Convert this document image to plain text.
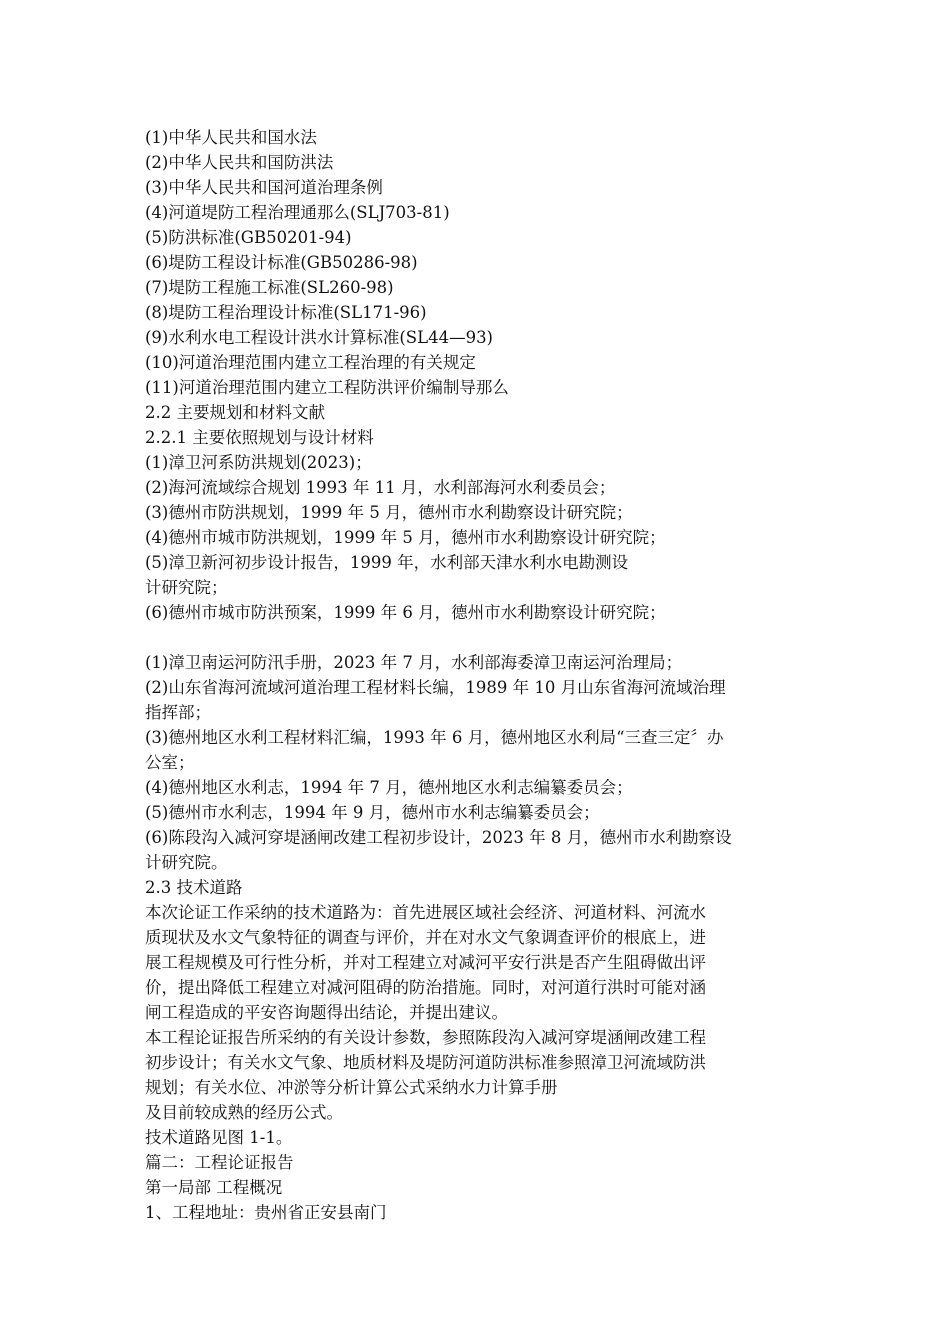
(1)中华人民共和国水法
(2)中华人民共和国防洪法
(3)中华人民共和国河道治理条例
(4)河道堤防工程治理通那么(SLJ703-81)
(5)防洪标准(GB50201-94)
(6)堤防工程设计标准(GB50286-98)
(7)堤防工程施工标准(SL260-98)
(8)堤防工程治理设计标准(SL171-96)
(9)水利水电工程设计洪水计算标准(SL44—93)
(10)河道治理范围内建立工程治理的有关规定
(11)河道治理范围内建立工程防洪评价编制导那么
2.2 主要规划和材料文献
2.2.1 主要依照规划与设计材料
(1)漳卫河系防洪规划(2023)；
(2)海河流域综合规划 1993 年 11 月，水利部海河水利委员会；
(3)德州市防洪规划，1999 年 5 月，德州市水利勘察设计研究院；
(4)德州市城市防洪规划，1999 年 5 月，德州市水利勘察设计研究院；
(5)漳卫新河初步设计报告，1999 年，水利部天津水利水电勘测设
计研究院；
(6)德州市城市防洪预案，1999 年 6 月，德州市水利勘察设计研究院；
(1)漳卫南运河防汛手册，2023 年 7 月，水利部海委漳卫南运河治理局；
(2)山东省海河流域河道治理工程材料长编，1989 年 10 月山东省海河流域治理
指挥部；
(3)德州地区水利工程材料汇编，1993 年 6 月，德州地区水利局“三查三定〞办
公室；
(4)德州地区水利志，1994 年 7 月，德州地区水利志编纂委员会；
(5)德州市水利志，1994 年 9 月，德州市水利志编纂委员会；
(6)陈段沟入减河穿堤涵闸改建工程初步设计，2023 年 8 月，德州市水利勘察设
计研究院。
2.3 技术道路
本次论证工作采纳的技术道路为：首先进展区域社会经济、河道材料、河流水
质现状及水文气象特征的调查与评价，并在对水文气象调查评价的根底上，进
展工程规模及可行性分析，并对工程建立对减河平安行洪是否产生阻碍做出评
价，提出降低工程建立对减河阻碍的防治措施。同时，对河道行洪时可能对涵
闸工程造成的平安咨询题得出结论，并提出建议。
本工程论证报告所采纳的有关设计参数，参照陈段沟入减河穿堤涵闸改建工程
初步设计；有关水文气象、地质材料及堤防河道防洪标准参照漳卫河流域防洪
规划；有关水位、冲淤等分析计算公式采纳水力计算手册
及目前较成熟的经历公式。
技术道路见图 1-1。
篇二：工程论证报告
第一局部 工程概况
1、工程地址：贵州省正安县南门
